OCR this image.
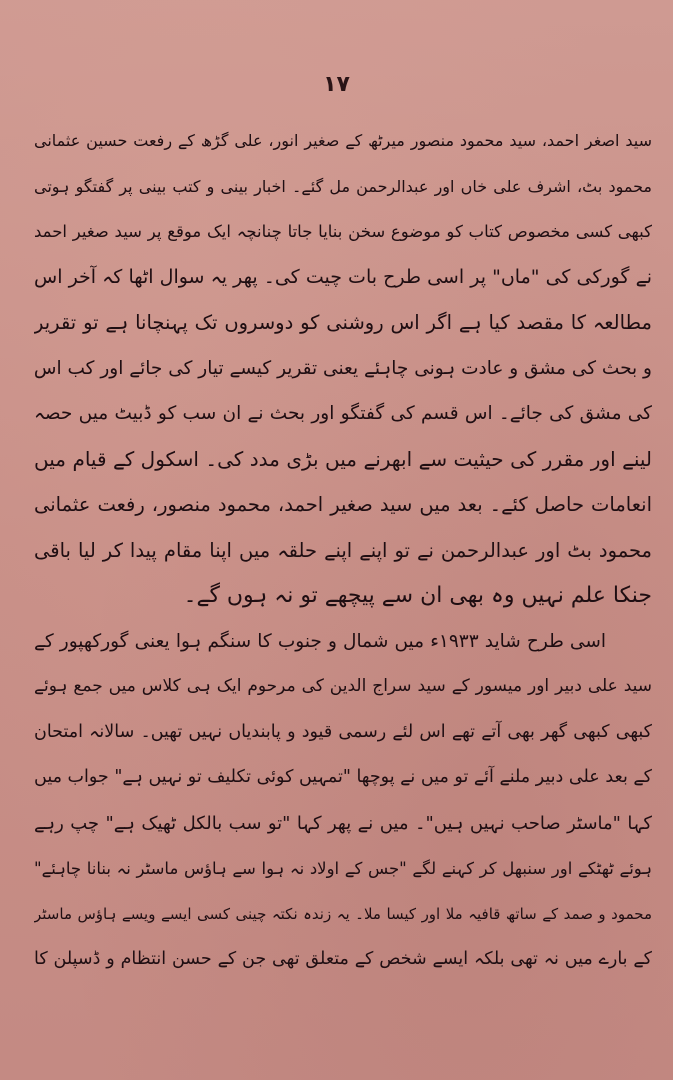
۱۷
سید اصغر احمد، سید محمود منصور میرٹھ کے صغیر انور، علی گڑھ کے رفعت حسین عثمانی
محمود بٹ، اشرف علی خاں اور عبدالرحمن مل گئے۔ اخبار بینی و کتب بینی پر گفتگو ہوتی
کبھی کسی مخصوص کتاب کو موضوع سخن بنایا جاتا چنانچہ ایک موقع پر سید صغیر احمد
نے گورکی کی "ماں" پر اسی طرح بات چیت کی۔ پھر یہ سوال اٹھا کہ آخر اس
مطالعہ کا مقصد کیا ہے اگر اس روشنی کو دوسروں تک پہنچانا ہے تو تقریر
و بحث کی مشق و عادت ہونی چاہئے یعنی تقریر کیسے تیار کی جائے اور کب اس
کی مشق کی جائے۔ اس قسم کی گفتگو اور بحث نے ان سب کو ڈبیٹ میں حصہ
لینے اور مقرر کی حیثیت سے ابھرنے میں بڑی مدد کی۔ اسکول کے قیام میں
انعامات حاصل کئے۔ بعد میں سید صغیر احمد، محمود منصور، رفعت عثمانی
محمود بٹ اور عبدالرحمن نے تو اپنے اپنے حلقہ میں اپنا مقام پیدا کر لیا باقی
جنکا علم نہیں وہ بھی ان سے پیچھے تو نہ ہوں گے۔
اسی طرح شاید ۱۹۳۳ء میں شمال و جنوب کا سنگم ہوا یعنی گورکھپور کے
سید علی دبیر اور میسور کے سید سراج الدین کی مرحوم ایک ہی کلاس میں جمع ہوئے
کبھی کبھی گھر بھی آتے تھے اس لئے رسمی قیود و پابندیاں نہیں تھیں۔ سالانہ امتحان
کے بعد علی دبیر ملنے آئے تو میں نے پوچھا "تمہیں کوئی تکلیف تو نہیں ہے" جواب میں
کہا "ماسٹر صاحب نہیں ہیں"۔ میں نے پھر کہا "تو سب بالکل ٹھیک ہے" چپ رہے
ہوئے ٹھٹکے اور سنبھل کر کہنے لگے "جس کے اولاد نہ ہوا سے ہاؤس ماسٹر نہ بنانا چاہئے"
محمود و صمد کے ساتھ قافیہ ملا اور کیسا ملا۔ یہ زندہ نکتہ چینی کسی ایسے ویسے ہاؤس ماسٹر
کے بارے میں نہ تھی بلکہ ایسے شخص کے متعلق تھی جن کے حسن انتظام و ڈسپلن کا
